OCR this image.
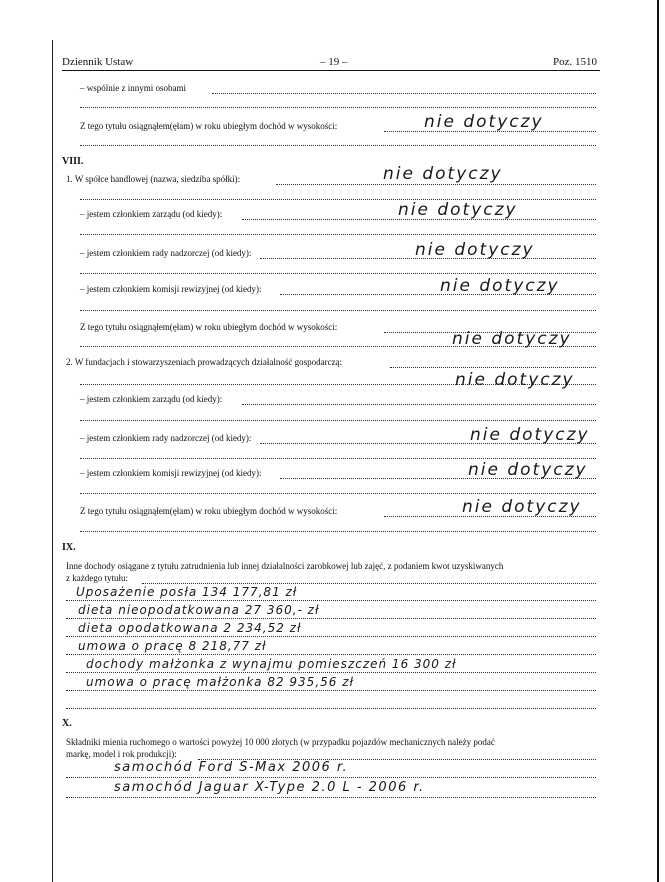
Dziennik Ustaw	– 19 –	Poz. 1510
– wspólnie z innymi osobami
Z tego tytułu osiągnąłem(ęłam) w roku ubiegłym dochód w wysokości:	nie dotyczy
VIII.
1. W spółce handlowej (nazwa, siedziba spółki):	nie dotyczy
– jestem członkiem zarządu (od kiedy):	nie dotyczy
– jestem członkiem rady nadzorczej (od kiedy):	nie dotyczy
– jestem członkiem komisji rewizyjnej (od kiedy):	nie dotyczy
Z tego tytułu osiągnąłem(ęłam) w roku ubiegłym dochód w wysokości:
nie dotyczy
2. W fundacjach i stowarzyszeniach prowadzących działalność gospodarczą:
nie dotyczy
– jestem członkiem zarządu (od kiedy):
– jestem członkiem rady nadzorczej (od kiedy):	nie dotyczy
– jestem członkiem komisji rewizyjnej (od kiedy):	nie dotyczy
Z tego tytułu osiągnąłem(ęłam) w roku ubiegłym dochód w wysokości:	nie dotyczy
IX.
Inne dochody osiągane z tytułu zatrudnienia lub innej działalności zarobkowej lub zajęć, z podaniem kwot uzyskiwanych
z każdego tytułu:
Uposażenie posła 134 177,81 zł
dieta nieopodatkowana 27 360,- zł
dieta opodatkowana 2 234,52 zł
umowa o pracę 8 218,77 zł
dochody małżonka z wynajmu pomieszczeń 16 300 zł
umowa o pracę małżonka 82 935,56 zł
X.
Składniki mienia ruchomego o wartości powyżej 10 000 złotych (w przypadku pojazdów mechanicznych należy podać
markę, model i rok produkcji):
samochód Ford S-Max 2006 r.
samochód Jaguar X-Type 2.0 L - 2006 r.
